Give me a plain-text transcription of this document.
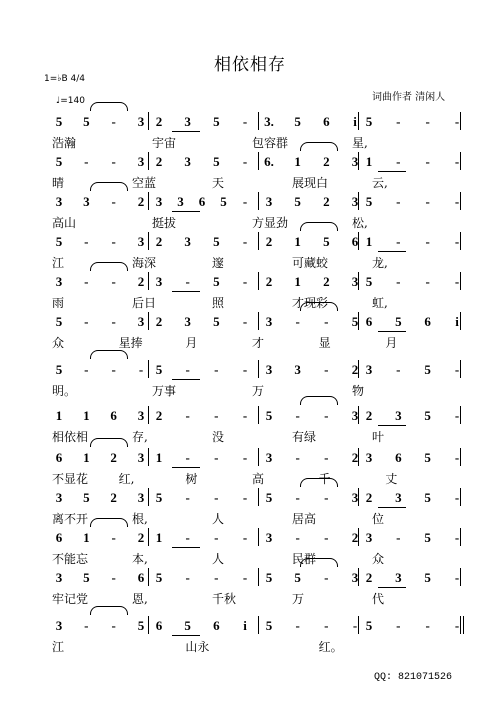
相依相存
1=♭B 4/4
♩=140	词曲作者 清闲人
5 5	-	3 2 3 5	-	3. 5 6	i 5	-	-	-
浩瀚	宇宙	包容群	星,
5	-	-	3 2 3 5	-	6. 1 2 3 1	-	-	-
晴	空蓝	天	展现白	云,
3 3	-	2 3 3 6 5	-	3 5 2 3 5	-	-	-
高山	挺拔	方显劲	松,
5	-	-	3 2 3 5	-	2 1 5 6 1	-	-	-
江	海深	邃	可藏蛟	龙,
3	-	-	2 3	-	5	-	2 1 2 3 5	-	-	-
雨	后日	照	才现彩	虹,
5	-	-	3 2 3 5	-	3	-	-	5 6 5 6	i
众	星捧	月	才	显	月
5	-	-	- 5	-	-	-	3 3	-	2 3	-	5	-
明。	万事	万	物
1 1 6 3 2	-	-	-	5	-	-	3 2 3 5	-
相依相	存,	没	有绿	叶
6 1 2 3 1	-	-	-	3	-	-	2 3 6 5	-
不显花	红,	树	高	千	丈
3 5 2 3 5	-	-	-	5	-	-	3 2 3 5	-
离不开	根,	人	居高	位
6 1	-	2 1	-	-	-	3	-	-	2 3	-	5	-
不能忘	本,	人	民群	众
3 5	-	6 5	-	-	-	5 5	-	3 2 3 5	-
牢记党	恩,	千秋	万	代
3	-	-	5 6 5 6	i	5	-	-	- 5	-	-	-
江	山永	红。
QQ: 821071526
